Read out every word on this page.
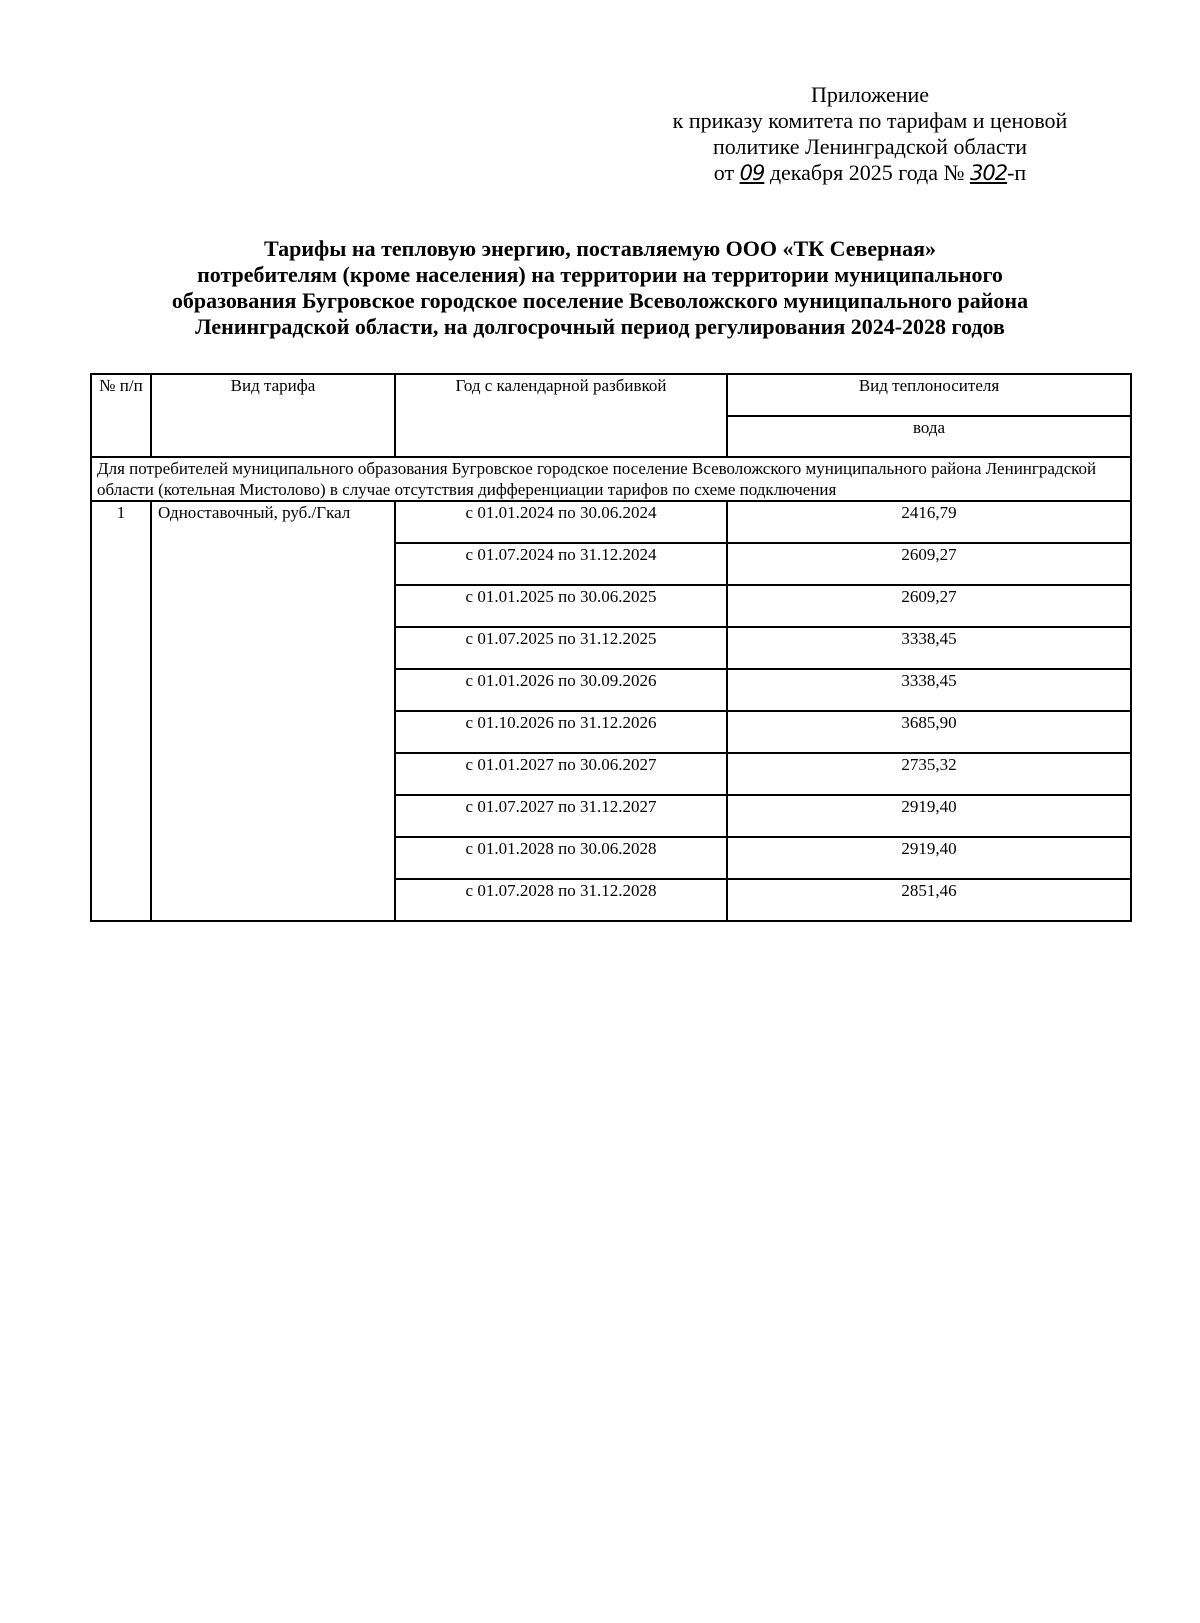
Приложение
к приказу комитета по тарифам и ценовой
политике Ленинградской области
от 09 декабря 2025 года № 302-п
Тарифы на тепловую энергию, поставляемую ООО «ТК Северная»
потребителям (кроме населения) на территории на территории муниципального
образования Бугровское городское поселение Всеволожского муниципального района
Ленинградской области, на долгосрочный период регулирования 2024-2028 годов
№ п/п	Вид тарифа	Год с календарной разбивкой	Вид теплоносителя
			вода
Для потребителей муниципального образования Бугровское городское поселение Всеволожского муниципального района Ленинградской области (котельная Мистолово) в случае отсутствия дифференциации тарифов по схеме подключения			
1	Одноставочный, руб./Гкал	с 01.01.2024 по 30.06.2024	2416,79
		с 01.07.2024 по 31.12.2024	2609,27
		с 01.01.2025 по 30.06.2025	2609,27
		с 01.07.2025 по 31.12.2025	3338,45
		с 01.01.2026 по 30.09.2026	3338,45
		с 01.10.2026 по 31.12.2026	3685,90
		с 01.01.2027 по 30.06.2027	2735,32
		с 01.07.2027 по 31.12.2027	2919,40
		с 01.01.2028 по 30.06.2028	2919,40
		с 01.07.2028 по 31.12.2028	2851,46
